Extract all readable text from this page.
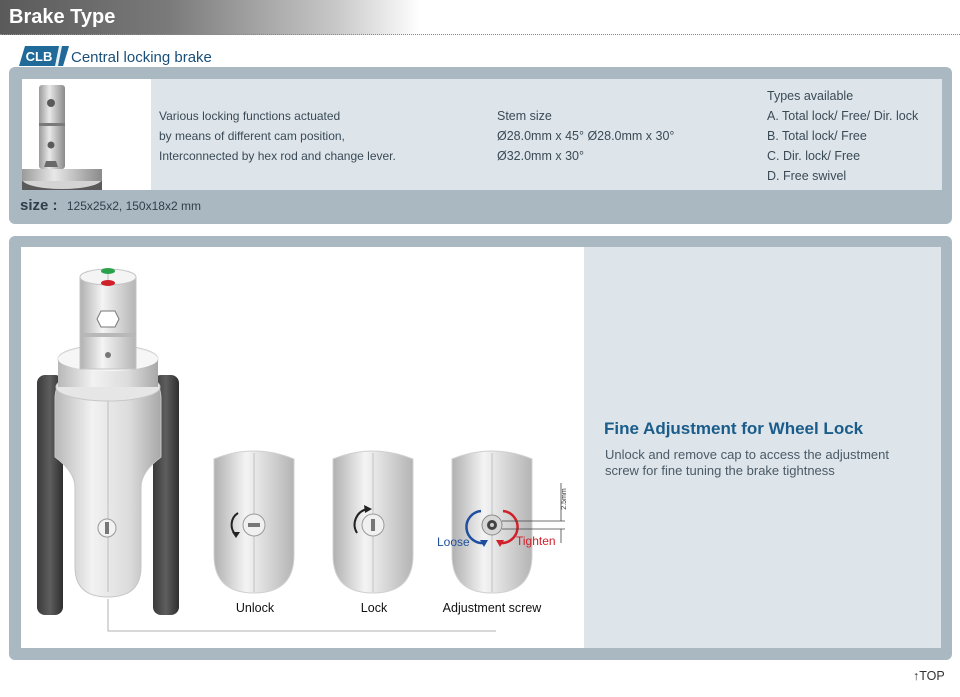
Brake Type
CLB Central locking brake
Various locking functions actuated
by means of different cam position,
Interconnected by hex rod and change lever.
Stem size
Ø28.0mm x 45° Ø28.0mm x 30°
Ø32.0mm x 30°
Types available
A. Total lock/ Free/ Dir. lock
B. Total lock/ Free
C. Dir. lock/ Free
D. Free swivel
size : 125x25x2, 150x18x2 mm
2.5mm
Loose	Tighten
Unlock	Lock	Adjustment screw
Fine Adjustment for Wheel Lock
Unlock and remove cap to access the adjustment screw for fine tuning the brake tightness
↑TOP
